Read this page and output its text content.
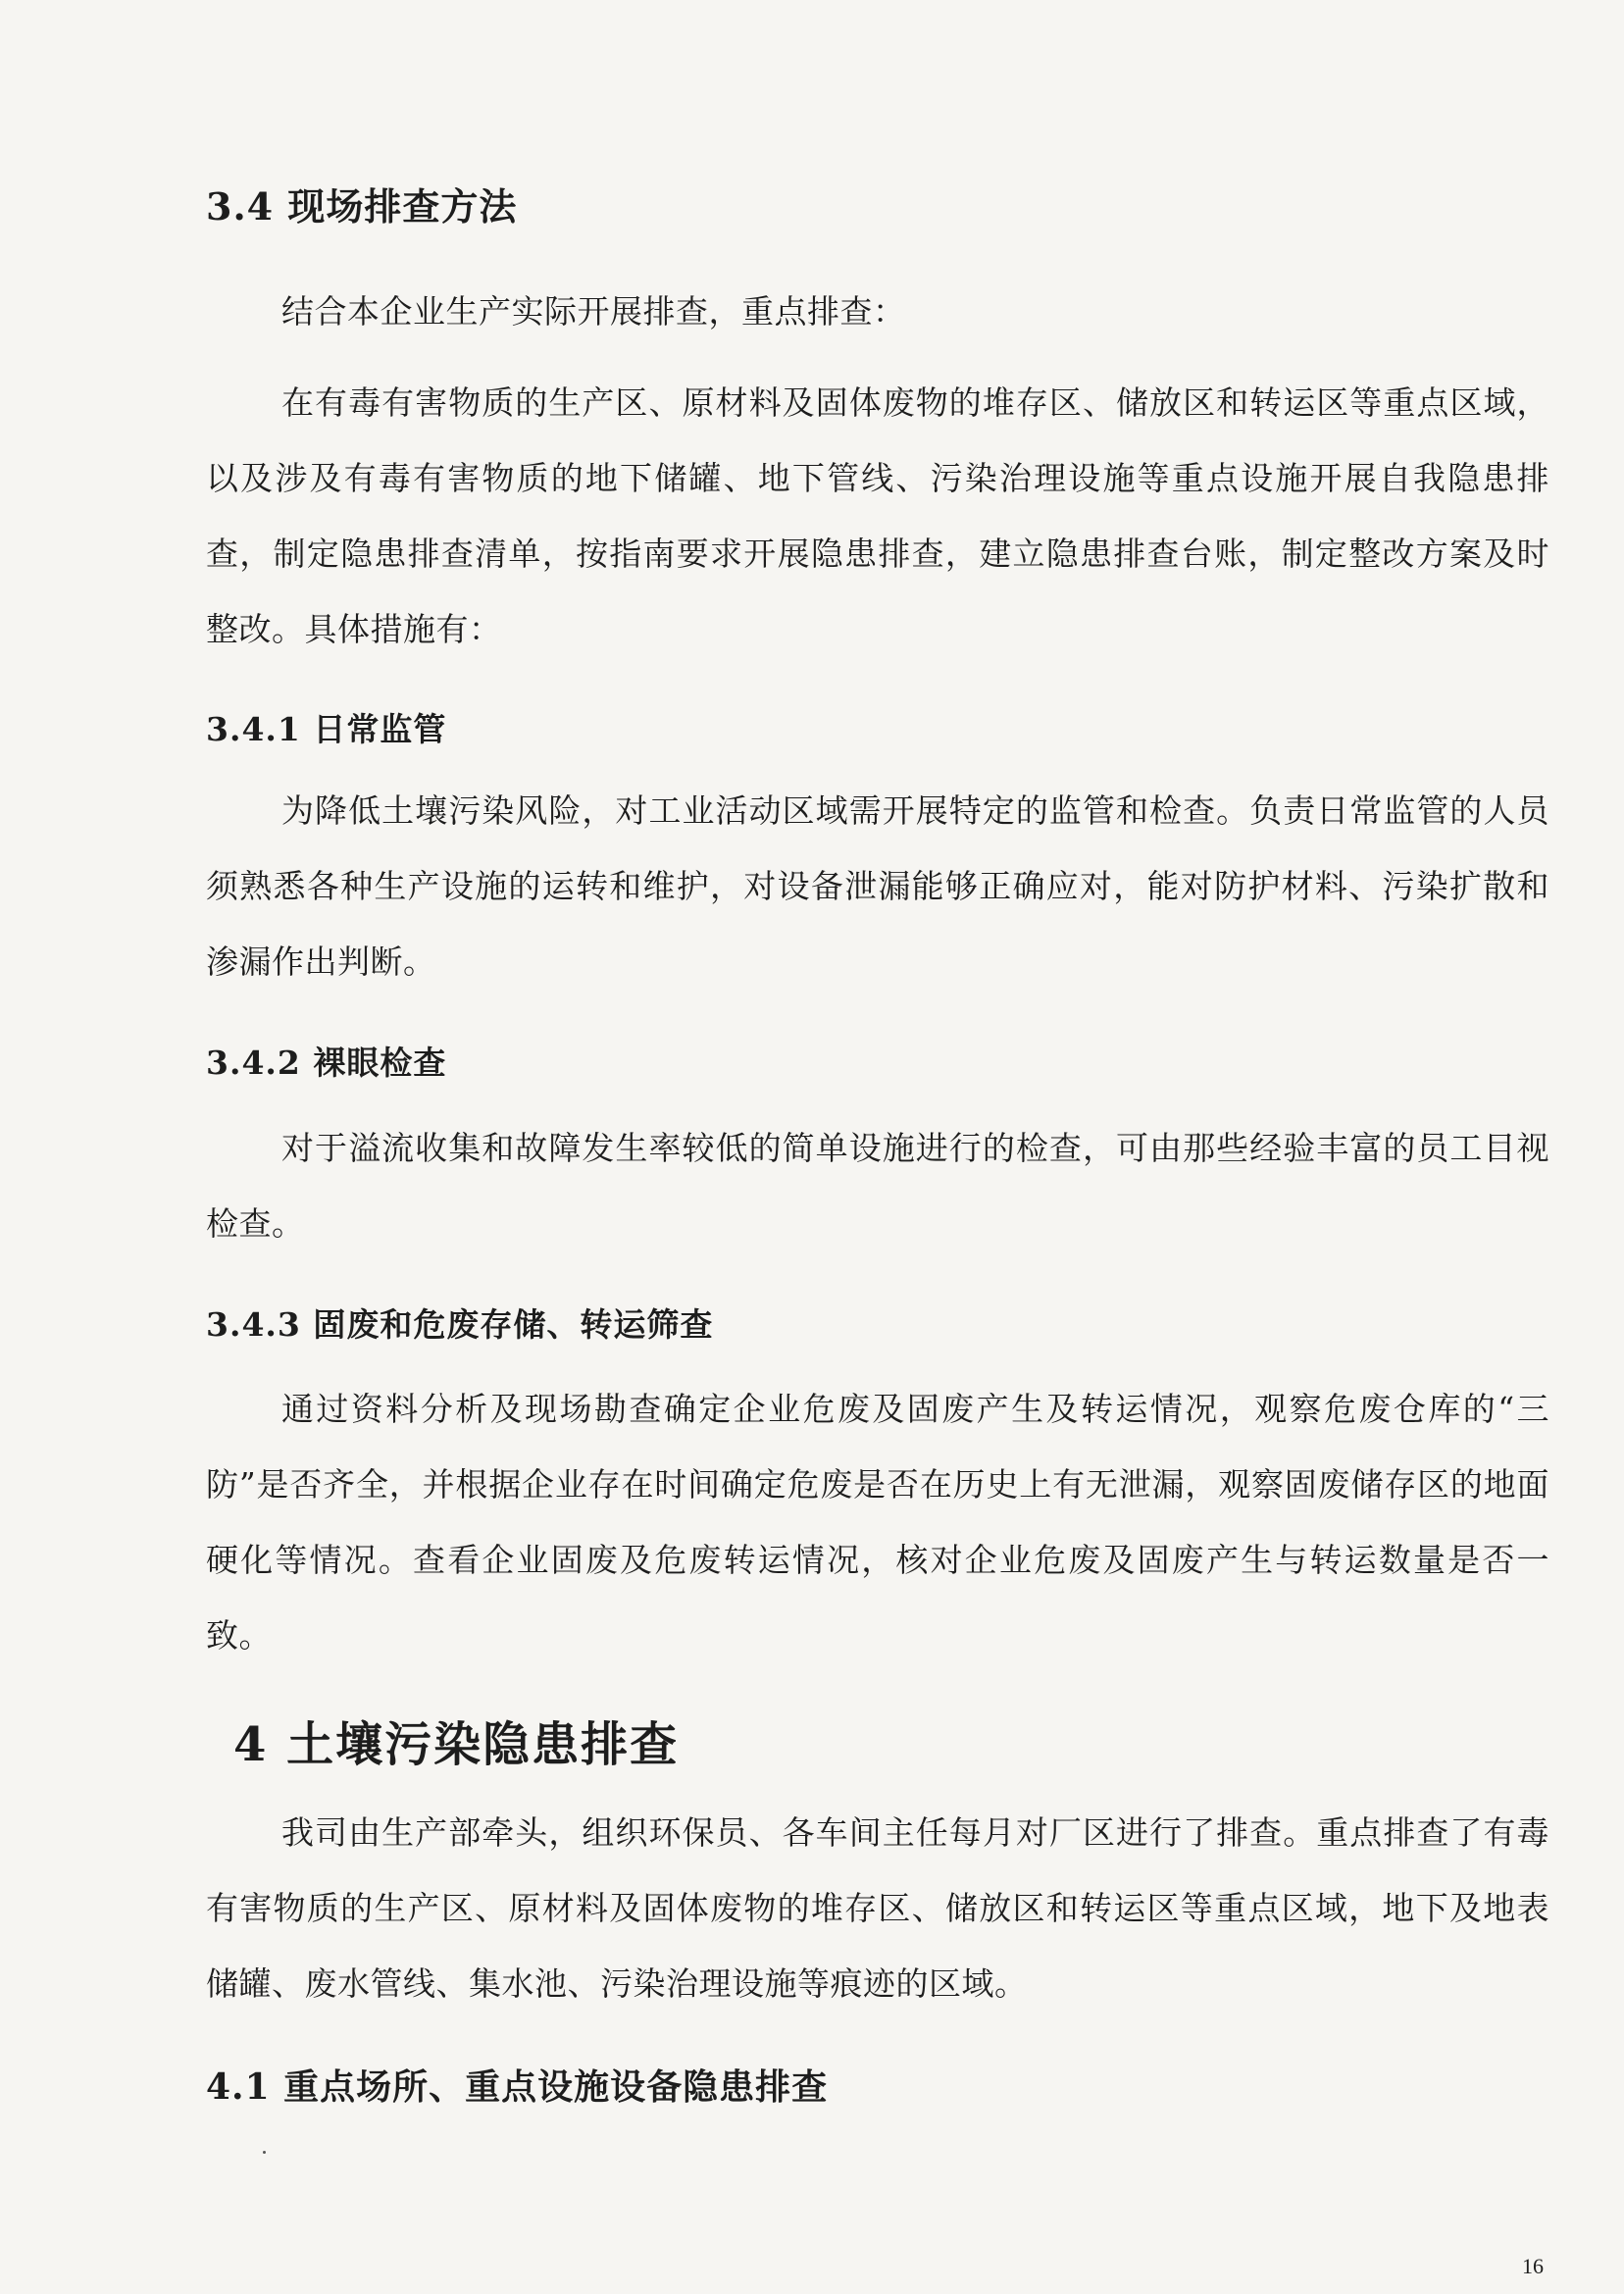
3.4 现场排查方法

结合本企业生产实际开展排查，重点排查：

在有毒有害物质的生产区、原材料及固体废物的堆存区、储放区和转运区等重点区域，以及涉及有毒有害物质的地下储罐、地下管线、污染治理设施等重点设施开展自我隐患排查，制定隐患排查清单，按指南要求开展隐患排查，建立隐患排查台账，制定整改方案及时整改。具体措施有：

3.4.1 日常监管

为降低土壤污染风险，对工业活动区域需开展特定的监管和检查。负责日常监管的人员须熟悉各种生产设施的运转和维护，对设备泄漏能够正确应对，能对防护材料、污染扩散和渗漏作出判断。

3.4.2 裸眼检查

对于溢流收集和故障发生率较低的简单设施进行的检查，可由那些经验丰富的员工目视检查。

3.4.3 固废和危废存储、转运筛查

通过资料分析及现场勘查确定企业危废及固废产生及转运情况，观察危废仓库的“三防”是否齐全，并根据企业存在时间确定危废是否在历史上有无泄漏，观察固废储存区的地面硬化等情况。查看企业固废及危废转运情况，核对企业危废及固废产生与转运数量是否一致。

4 土壤污染隐患排查

我司由生产部牵头，组织环保员、各车间主任每月对厂区进行了排查。重点排查了有毒有害物质的生产区、原材料及固体废物的堆存区、储放区和转运区等重点区域，地下及地表储罐、废水管线、集水池、污染治理设施等痕迹的区域。

4.1 重点场所、重点设施设备隐患排查
16
